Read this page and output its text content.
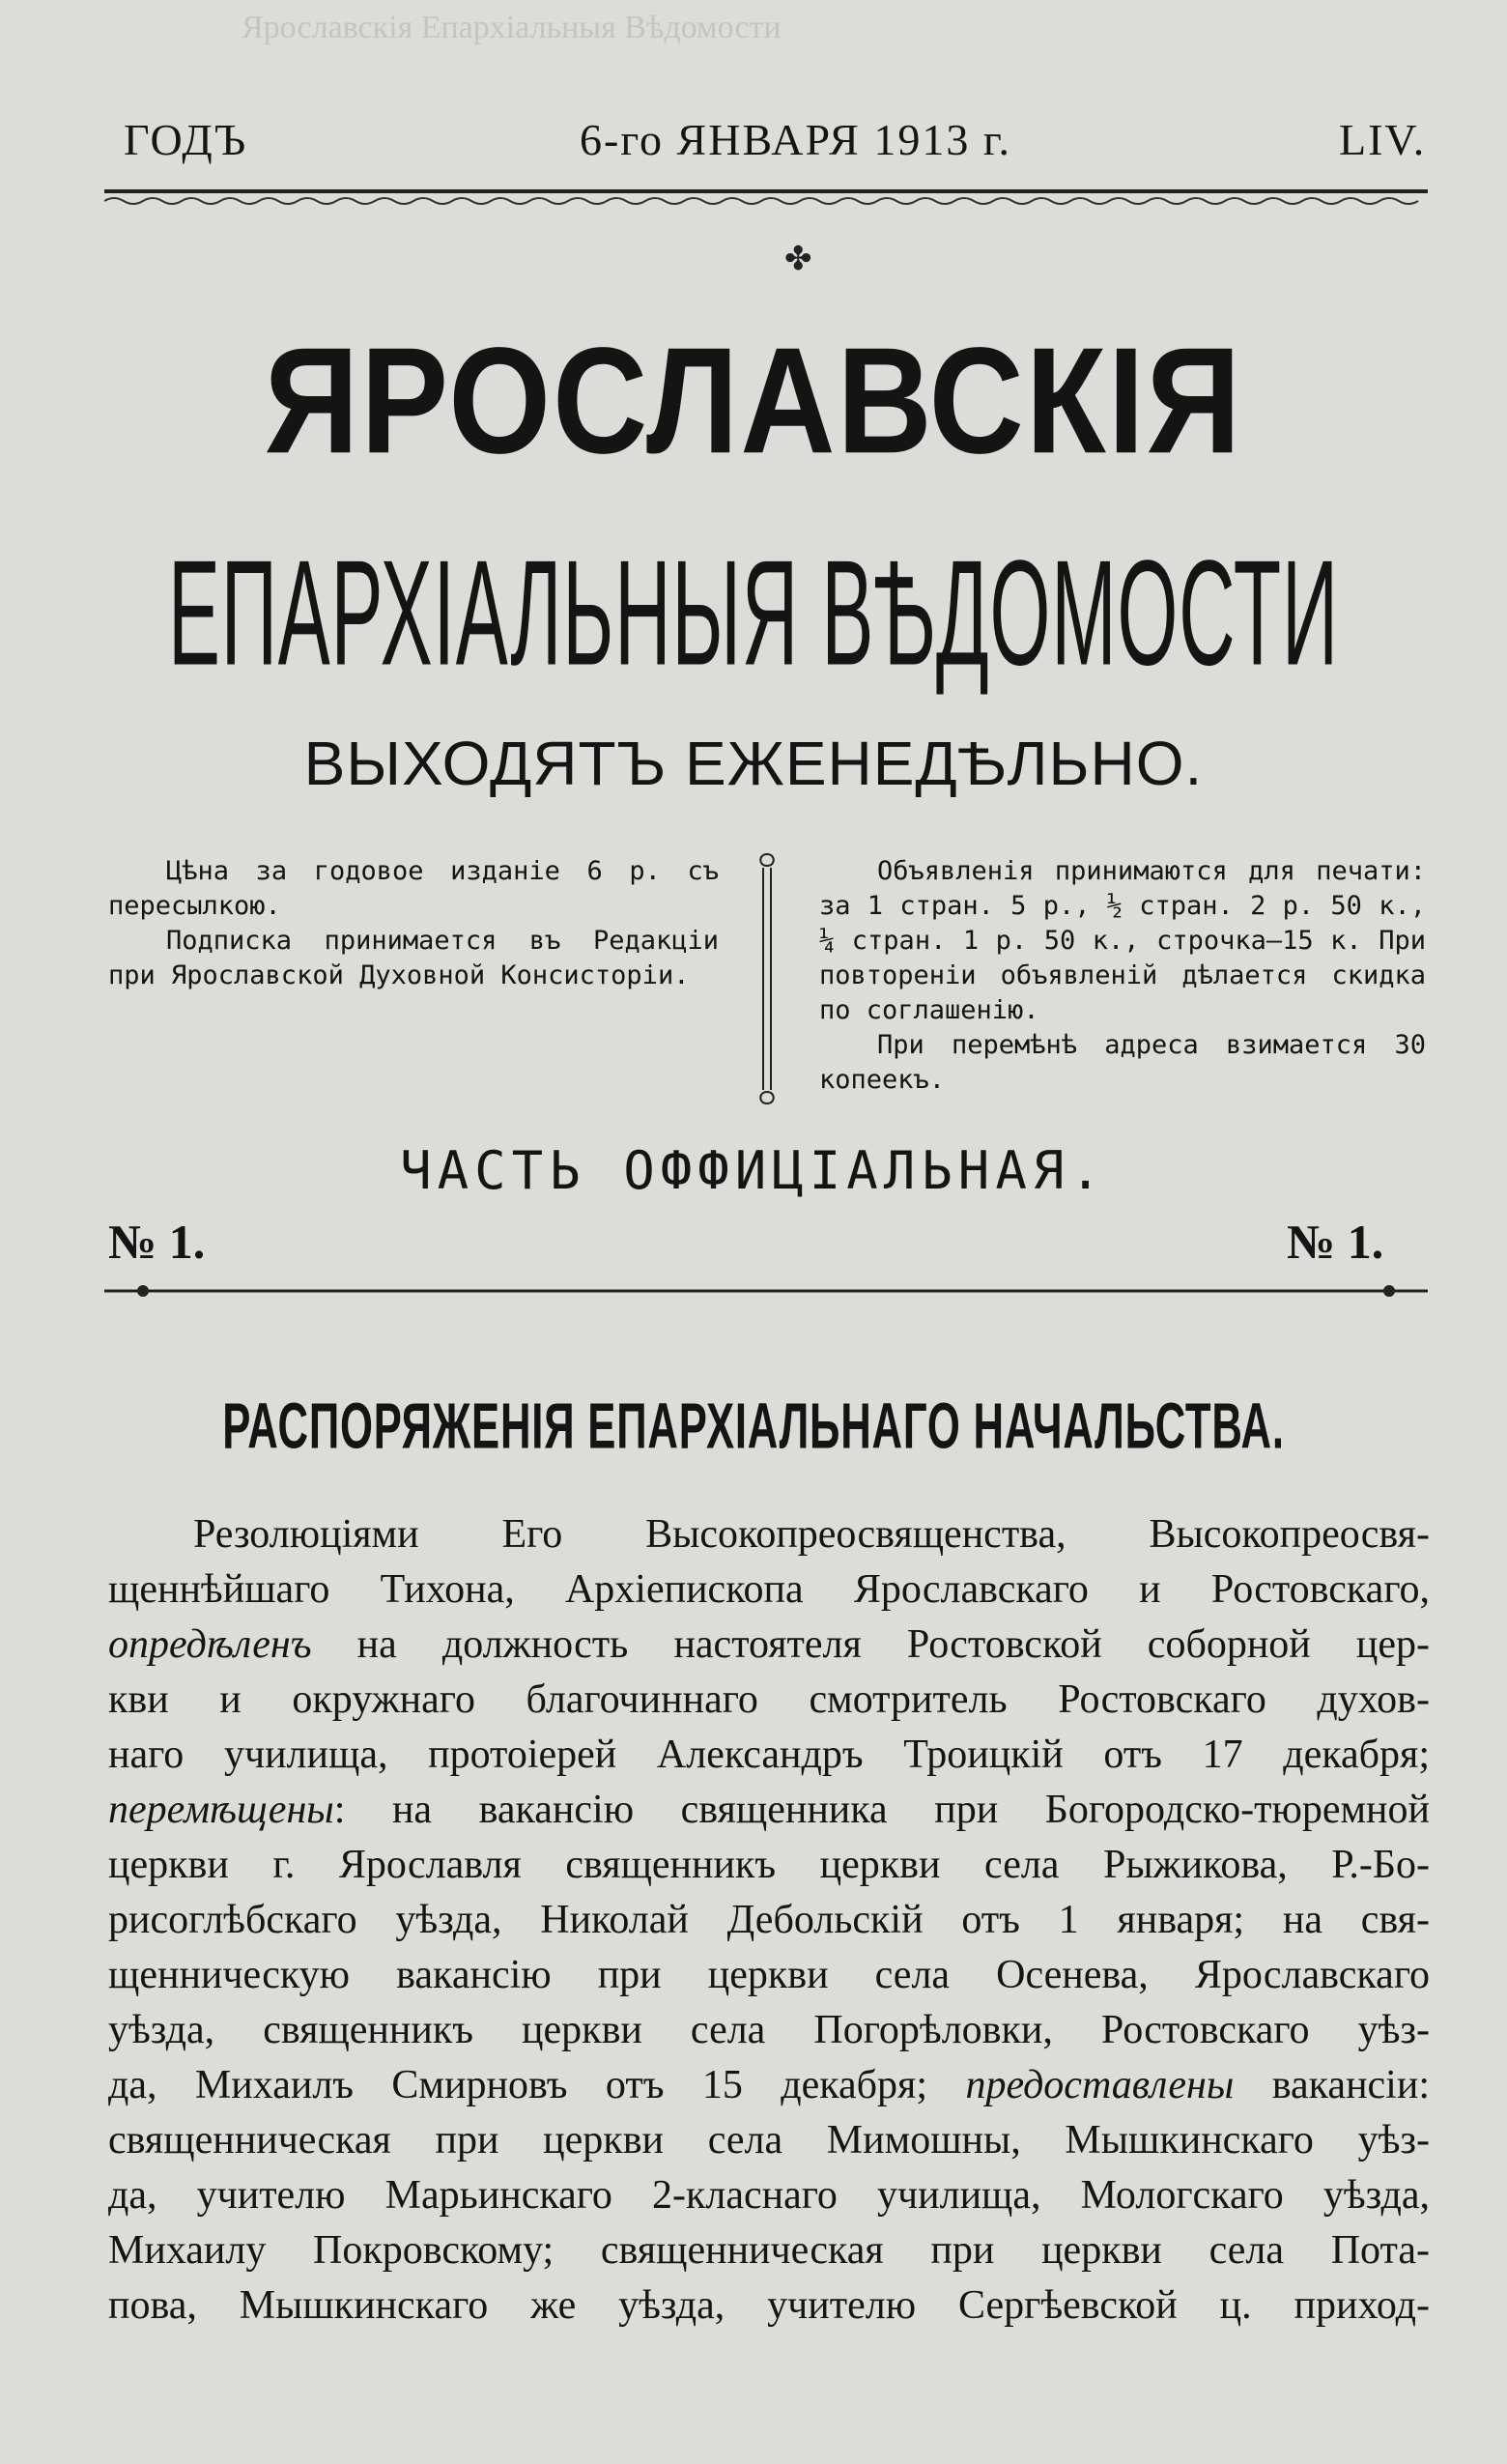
Ярославскія Епархіальныя Вѣдомости
ГОДЪ	6-го ЯНВАРЯ 1913 г.	LIV.
✤
ЯРОСЛАВСКІЯ
ЕПАРХІАЛЬНЫЯ ВѢДОМОСТИ
ВЫХОДЯТЪ ЕЖЕНЕДѢЛЬНО.

Цѣна за годовое изданіе 6 р. съ пересылкою.

Подписка принимается въ Редакціи при Ярославской Духовной Консисторіи.

Объявленія принимаются для печати: за 1 стран. 5 р., ½ стран. 2 р. 50 к., ¼ стран. 1 р. 50 к., строчка—15 к. При повтореніи объявленій дѣлается скидка по соглашенію.

При перемѣнѣ адреса взимается 30 копеекъ.

ЧАСТЬ ОФФИЦІАЛЬНАЯ.
№ 1.	№ 1.
РАСПОРЯЖЕНІЯ ЕПАРХІАЛЬНАГО НАЧАЛЬСТВА.
Резолюціями Его Высокопреосвященства, Высокопреосвя-
щеннѣйшаго Тихона, Архіепископа Ярославскаго и Ростовскаго,
опредѣленъ на должность настоятеля Ростовской соборной цер-
кви и окружнаго благочиннаго смотритель Ростовскаго духов-
наго училища, протоіерей Александръ Троицкій отъ 17 декабря;
перемѣщены: на вакансію священника при Богородско-тюремной
церкви г. Ярославля священникъ церкви села Рыжикова, Р.-Бо-
рисоглѣбскаго уѣзда, Николай Дебольскій отъ 1 января; на свя-
щенническую вакансію при церкви села Осенева, Ярославскаго
уѣзда, священникъ церкви села Погорѣловки, Ростовскаго уѣз-
да, Михаилъ Смирновъ отъ 15 декабря; предоставлены вакансіи:
священническая при церкви села Мимошны, Мышкинскаго уѣз-
да, учителю Марьинскаго 2-класнаго училища, Мологскаго уѣзда,
Михаилу Покровскому; священническая при церкви села Пота-
пова, Мышкинскаго же уѣзда, учителю Сергѣевской ц. приход-
